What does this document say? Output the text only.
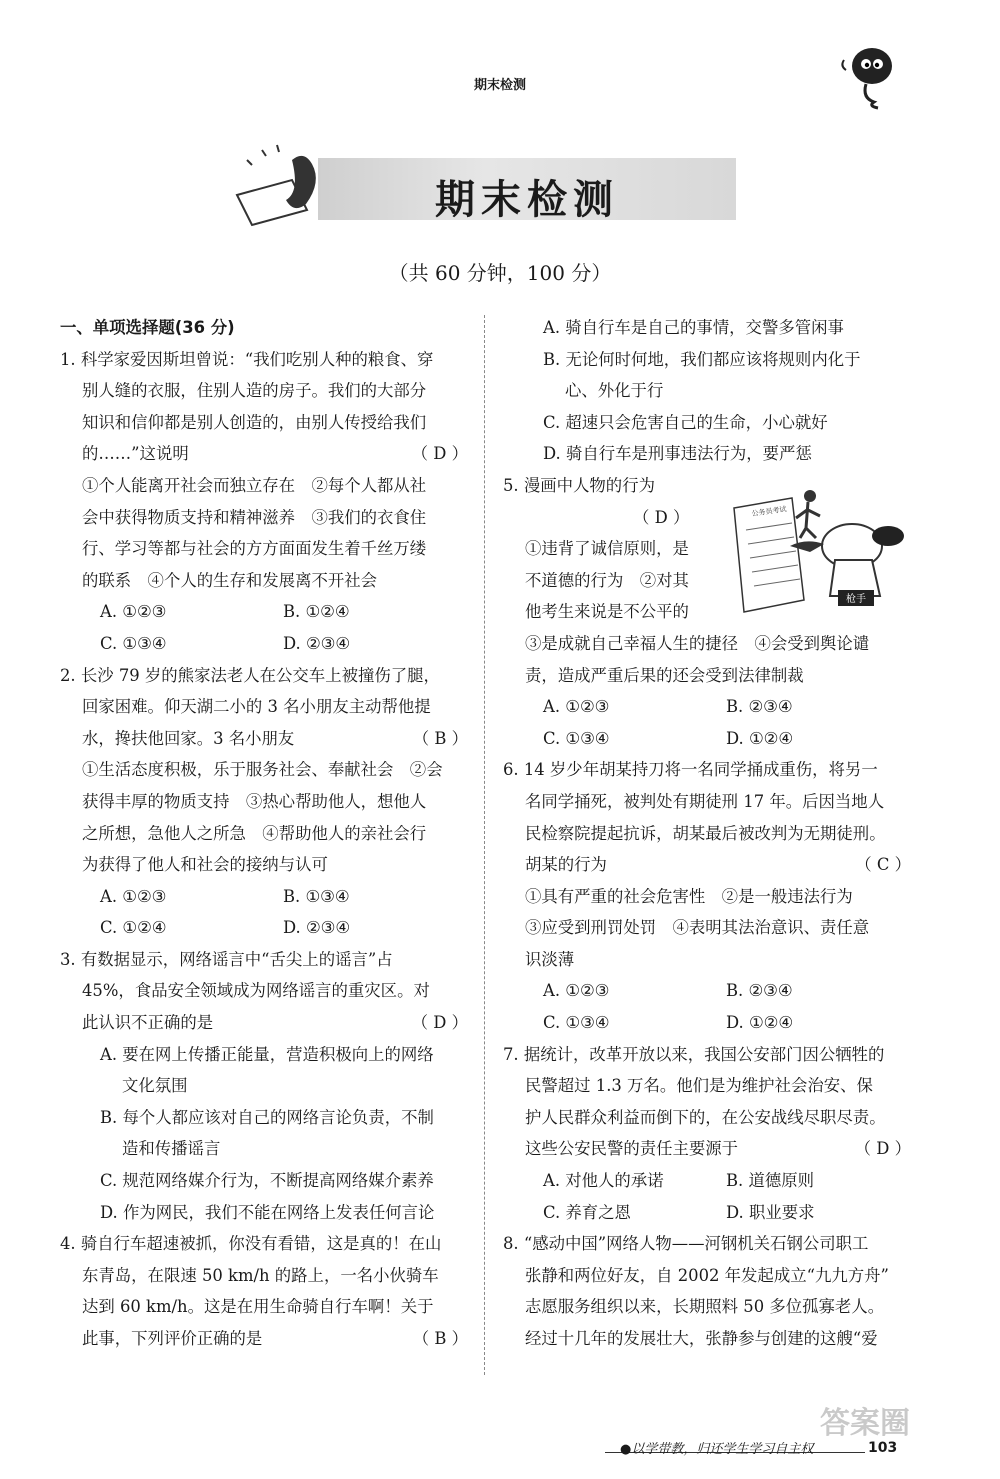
期末检测
期末检测
（共 60 分钟，100 分）
一、单项选择题(36 分)
1. 科学家爱因斯坦曾说：“我们吃别人种的粮食、穿
别人缝的衣服，住别人造的房子。我们的大部分
知识和信仰都是别人创造的，由别人传授给我们
的……”这说明	（ D ）
①个人能离开社会而独立存在　②每个人都从社
会中获得物质支持和精神滋养　③我们的衣食住
行、学习等都与社会的方方面面发生着千丝万缕
的联系　④个人的生存和发展离不开社会
A. ①②③	B. ①②④
C. ①③④	D. ②③④
2. 长沙 79 岁的熊家法老人在公交车上被撞伤了腿，
回家困难。仰天湖二小的 3 名小朋友主动帮他提
水，搀扶他回家。3 名小朋友	（ B ）
①生活态度积极，乐于服务社会、奉献社会　②会
获得丰厚的物质支持　③热心帮助他人，想他人
之所想，急他人之所急　④帮助他人的亲社会行
为获得了他人和社会的接纳与认可
A. ①②③	B. ①③④
C. ①②④	D. ②③④
3. 有数据显示，网络谣言中“舌尖上的谣言”占
45%，食品安全领域成为网络谣言的重灾区。对
此认识不正确的是	（ D ）
A. 要在网上传播正能量，营造积极向上的网络
文化氛围
B. 每个人都应该对自己的网络言论负责，不制
造和传播谣言
C. 规范网络媒介行为，不断提高网络媒介素养
D. 作为网民，我们不能在网络上发表任何言论
4. 骑自行车超速被抓，你没有看错，这是真的！在山
东青岛，在限速 50 km/h 的路上，一名小伙骑车
达到 60 km/h。这是在用生命骑自行车啊！关于
此事，下列评价正确的是	（ B ）
A. 骑自行车是自己的事情，交警多管闲事
B. 无论何时何地，我们都应该将规则内化于
心、外化于行
C. 超速只会危害自己的生命，小心就好
D. 骑自行车是刑事违法行为，要严惩
5. 漫画中人物的行为
（ D ）
①违背了诚信原则，是
不道德的行为　②对其
他考生来说是不公平的
③是成就自己幸福人生的捷径　④会受到舆论谴
责，造成严重后果的还会受到法律制裁
A. ①②③	B. ②③④
C. ①③④	D. ①②④
6. 14 岁少年胡某持刀将一名同学捅成重伤，将另一
名同学捅死，被判处有期徒刑 17 年。后因当地人
民检察院提起抗诉，胡某最后被改判为无期徒刑。
胡某的行为	（ C ）
①具有严重的社会危害性　②是一般违法行为
③应受到刑罚处罚　④表明其法治意识、责任意
识淡薄
A. ①②③	B. ②③④
C. ①③④	D. ①②④
7. 据统计，改革开放以来，我国公安部门因公牺牲的
民警超过 1.3 万名。他们是为维护社会治安、保
护人民群众利益而倒下的，在公安战线尽职尽责。
这些公安民警的责任主要源于	（ D ）
A. 对他人的承诺	B. 道德原则
C. 养育之恩	D. 职业要求
8. “感动中国”网络人物——河钢机关石钢公司职工
张静和两位好友，自 2002 年发起成立“九九方舟”
志愿服务组织以来，长期照料 50 多位孤寡老人。
经过十几年的发展壮大，张静参与创建的这艘“爱
公务员考试
枪手
●以学带教，归还学生学习自主权	103
答案圈
